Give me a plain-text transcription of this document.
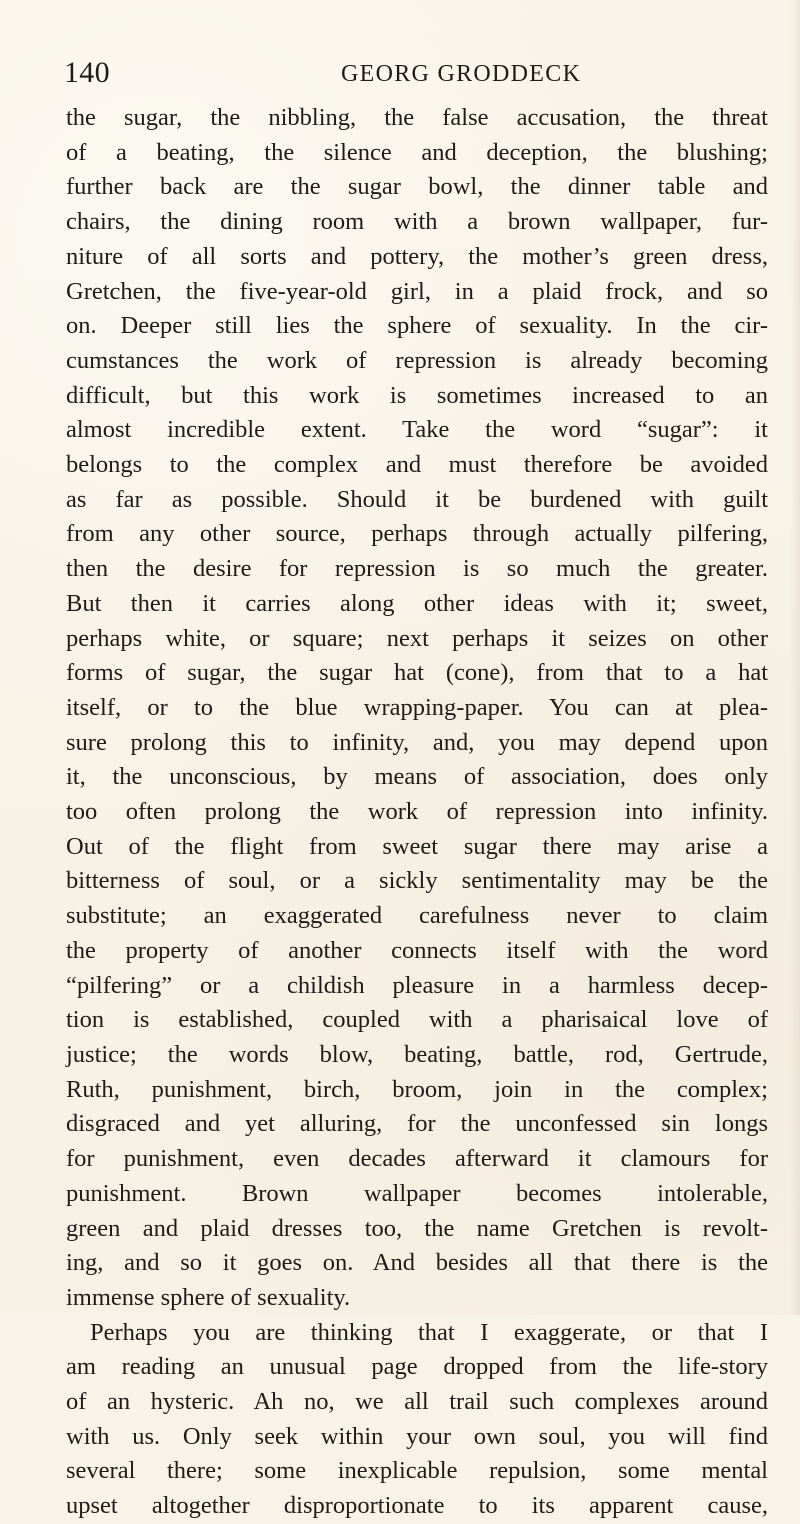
140	GEORG GRODDECK
the sugar, the nibbling, the false accusation, the threat
of a beating, the silence and deception, the blushing;
further back are the sugar bowl, the dinner table and
chairs, the dining room with a brown wallpaper, fur-
niture of all sorts and pottery, the mother’s green dress,
Gretchen, the five-year-old girl, in a plaid frock, and so
on. Deeper still lies the sphere of sexuality. In the cir-
cumstances the work of repression is already becoming
difficult, but this work is sometimes increased to an
almost incredible extent. Take the word “sugar”: it
belongs to the complex and must therefore be avoided
as far as possible. Should it be burdened with guilt
from any other source, perhaps through actually pilfering,
then the desire for repression is so much the greater.
But then it carries along other ideas with it; sweet,
perhaps white, or square; next perhaps it seizes on other
forms of sugar, the sugar hat (cone), from that to a hat
itself, or to the blue wrapping-paper. You can at plea-
sure prolong this to infinity, and, you may depend upon
it, the unconscious, by means of association, does only
too often prolong the work of repression into infinity.
Out of the flight from sweet sugar there may arise a
bitterness of soul, or a sickly sentimentality may be the
substitute; an exaggerated carefulness never to claim
the property of another connects itself with the word
“pilfering” or a childish pleasure in a harmless decep-
tion is established, coupled with a pharisaical love of
justice; the words blow, beating, battle, rod, Gertrude,
Ruth, punishment, birch, broom, join in the complex;
disgraced and yet alluring, for the unconfessed sin longs
for punishment, even decades afterward it clamours for
punishment. Brown wallpaper becomes intolerable,
green and plaid dresses too, the name Gretchen is revolt-
ing, and so it goes on. And besides all that there is the
immense sphere of sexuality.
Perhaps you are thinking that I exaggerate, or that I
am reading an unusual page dropped from the life-story
of an hysteric. Ah no, we all trail such complexes around
with us. Only seek within your own soul, you will find
several there; some inexplicable repulsion, some mental
upset altogether disproportionate to its apparent cause,
